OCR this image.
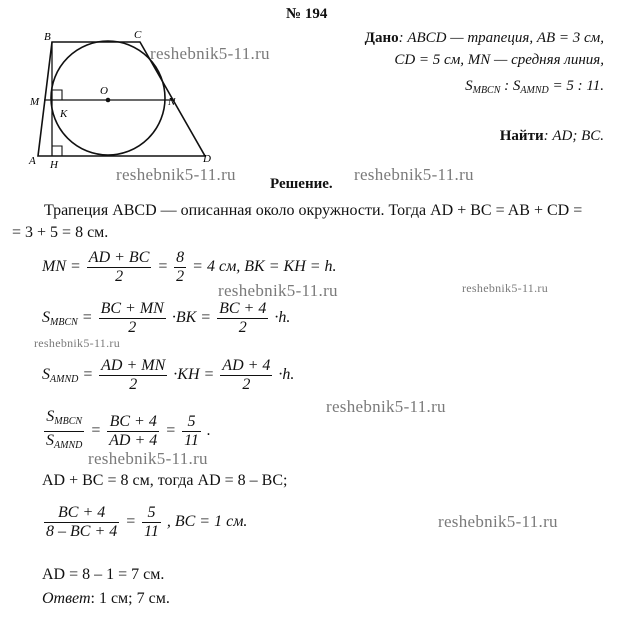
№ 194
Дано: ABCD — трапеция, AB = 3 см,
CD = 5 см, MN — средняя линия,
$S_{MBCN}$ : $S_{AMND} = 5$ : 11.
Найти: AD; BC.
B	C
M
K
O
N
A H	D
reshebnik5-11.ru
reshebnik5-11.ru	reshebnik5-11.ru
reshebnik5-11.ru	reshebnik5-11.ru
reshebnik5-11.ru
reshebnik5-11.ru
reshebnik5-11.ru
reshebnik5-11.ru
Решение.
Трапеция ABCD — описанная около окружности. Тогда AD + BC = AB + CD =
= 3 + 5 = 8 см.
MN = $\frac{AD + BC}{2} = \frac{8}{2} = 4$ см, BK = KH = h.
$S_{MBCN} = \frac{BC + MN}{2} \cdot BK = \frac{BC + 4}{2} \cdot h$.
$S_{AMND} = \frac{AD + MN}{2} \cdot KH = \frac{AD + 4}{2} \cdot h$.
$\frac{S_{MBCN}}{S_{AMND}} = \frac{BC + 4}{AD + 4} = \frac{5}{11}$ .
AD + BC = 8 см, тогда AD = 8 – BC;
$\frac{BC + 4}{8 - BC + 4} = \frac{5}{11}$ , BC = 1 см.
AD = 8 – 1 = 7 см.
Ответ: 1 см; 7 см.
